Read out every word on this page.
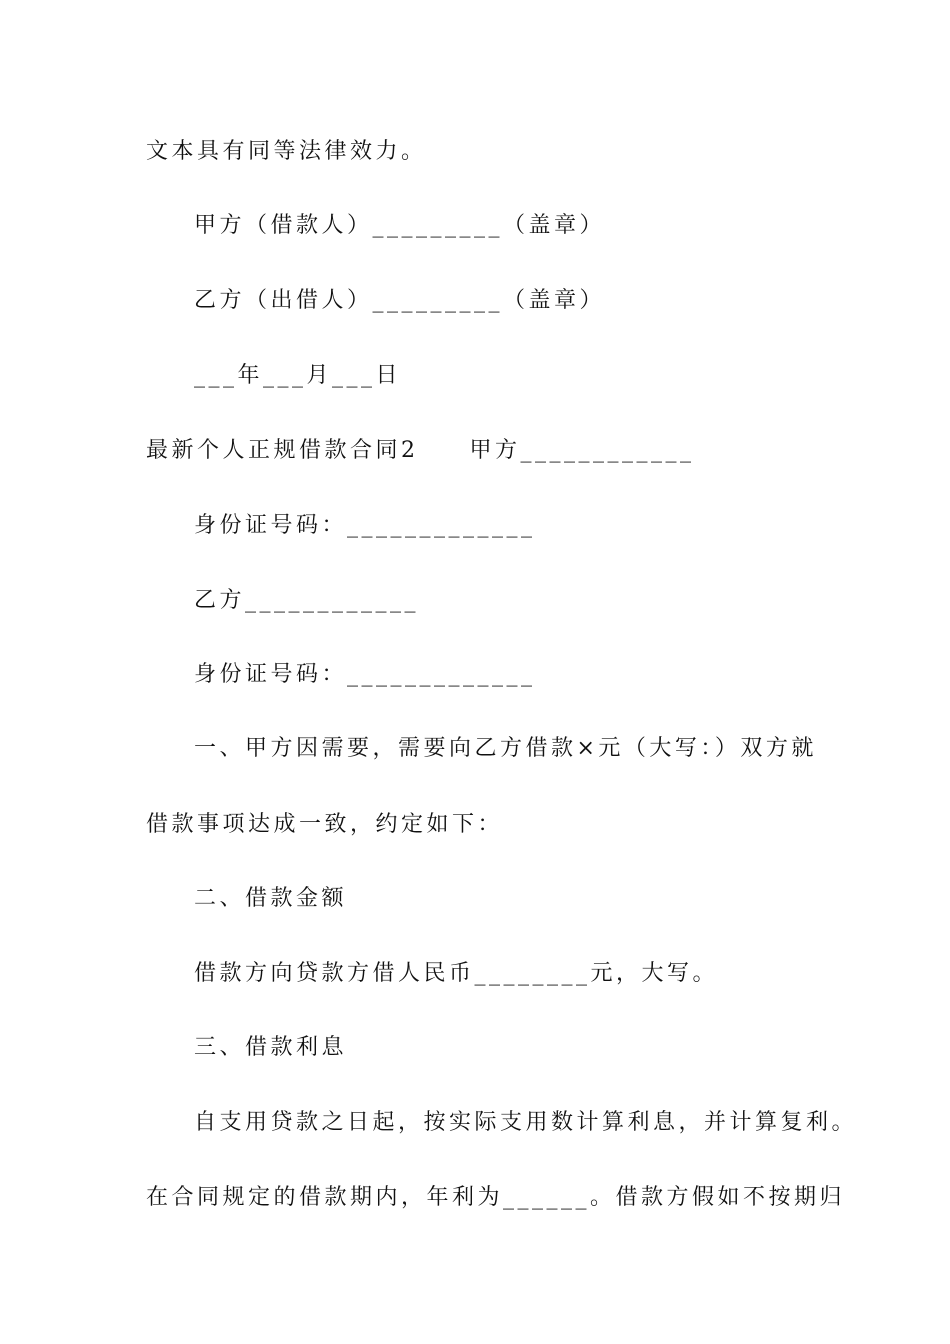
文本具有同等法律效力。
甲方（借款人）_________（盖章）
乙方（出借人）_________（盖章）
___年___月___日
最新个人正规借款合同2　　甲方____________
身份证号码：_____________
乙方____________
身份证号码：_____________
一、甲方因需要，需要向乙方借款×元（大写：）双方就
借款事项达成一致，约定如下：
二、借款金额
借款方向贷款方借人民币________元，大写。
三、借款利息
自支用贷款之日起，按实际支用数计算利息，并计算复利。
在合同规定的借款期内，年利为______。借款方假如不按期归
